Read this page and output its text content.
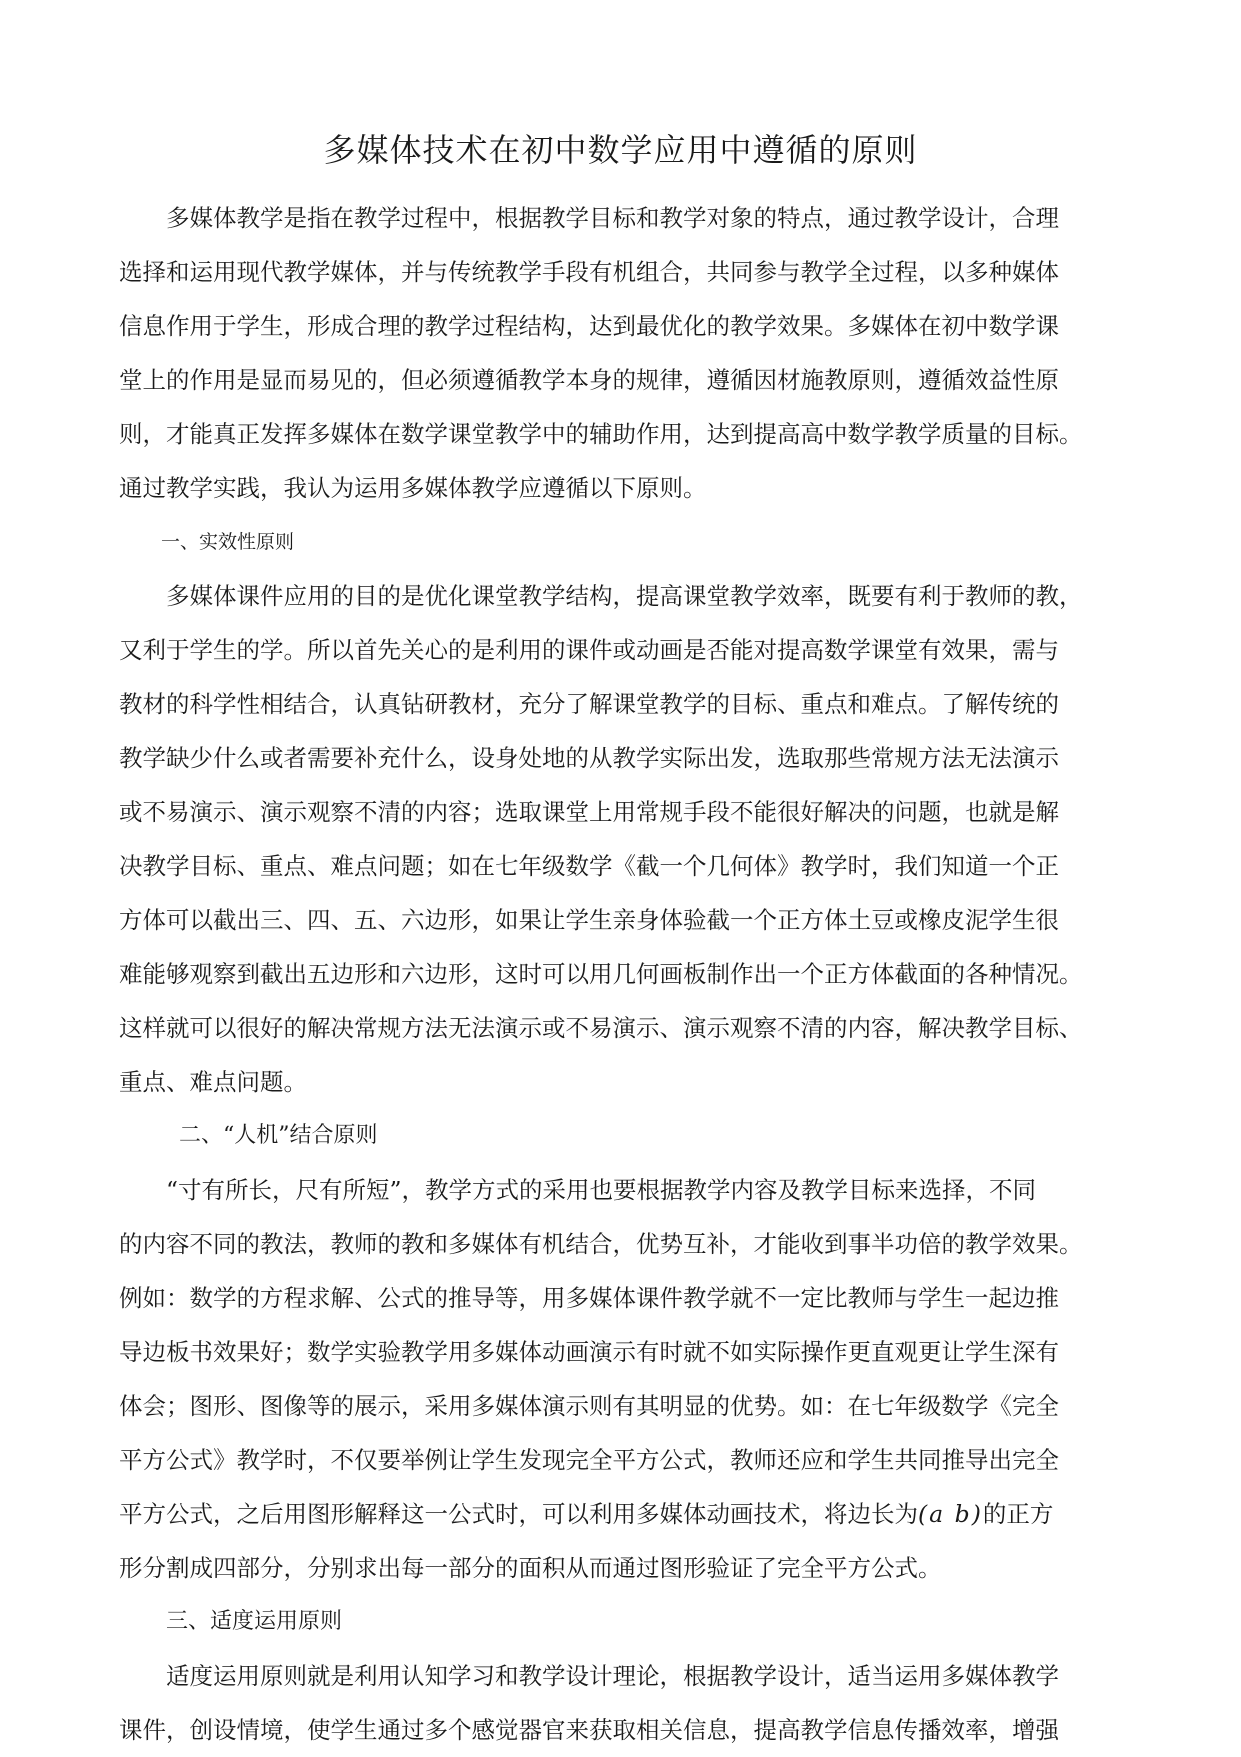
多媒体技术在初中数学应用中遵循的原则
多媒体教学是指在教学过程中，根据教学目标和教学对象的特点，通过教学设计，合理
选择和运用现代教学媒体，并与传统教学手段有机组合，共同参与教学全过程，以多种媒体
信息作用于学生，形成合理的教学过程结构，达到最优化的教学效果。多媒体在初中数学课
堂上的作用是显而易见的，但必须遵循教学本身的规律，遵循因材施教原则，遵循效益性原
则，才能真正发挥多媒体在数学课堂教学中的辅助作用，达到提高高中数学教学质量的目标。
通过教学实践，我认为运用多媒体教学应遵循以下原则。
一、实效性原则
多媒体课件应用的目的是优化课堂教学结构，提高课堂教学效率，既要有利于教师的教，
又利于学生的学。所以首先关心的是利用的课件或动画是否能对提高数学课堂有效果，需与
教材的科学性相结合，认真钻研教材，充分了解课堂教学的目标、重点和难点。了解传统的
教学缺少什么或者需要补充什么，设身处地的从教学实际出发，选取那些常规方法无法演示
或不易演示、演示观察不清的内容；选取课堂上用常规手段不能很好解决的问题，也就是解
决教学目标、重点、难点问题；如在七年级数学《截一个几何体》教学时，我们知道一个正
方体可以截出三、四、五、六边形，如果让学生亲身体验截一个正方体土豆或橡皮泥学生很
难能够观察到截出五边形和六边形，这时可以用几何画板制作出一个正方体截面的各种情况。
这样就可以很好的解决常规方法无法演示或不易演示、演示观察不清的内容，解决教学目标、
重点、难点问题。
二、“人机”结合原则
“寸有所长，尺有所短”，教学方式的采用也要根据教学内容及教学目标来选择，不同
的内容不同的教法，教师的教和多媒体有机结合，优势互补，才能收到事半功倍的教学效果。
例如：数学的方程求解、公式的推导等，用多媒体课件教学就不一定比教师与学生一起边推
导边板书效果好；数学实验教学用多媒体动画演示有时就不如实际操作更直观更让学生深有
体会；图形、图像等的展示，采用多媒体演示则有其明显的优势。如：在七年级数学《完全
平方公式》教学时，不仅要举例让学生发现完全平方公式，教师还应和学生共同推导出完全
平方公式，之后用图形解释这一公式时，可以利用多媒体动画技术，将边长为(a b)的正方
形分割成四部分，分别求出每一部分的面积从而通过图形验证了完全平方公式。
三、适度运用原则
适度运用原则就是利用认知学习和教学设计理论，根据教学设计，适当运用多媒体教学
课件，创设情境，使学生通过多个感觉器官来获取相关信息，提高教学信息传播效率，增强
